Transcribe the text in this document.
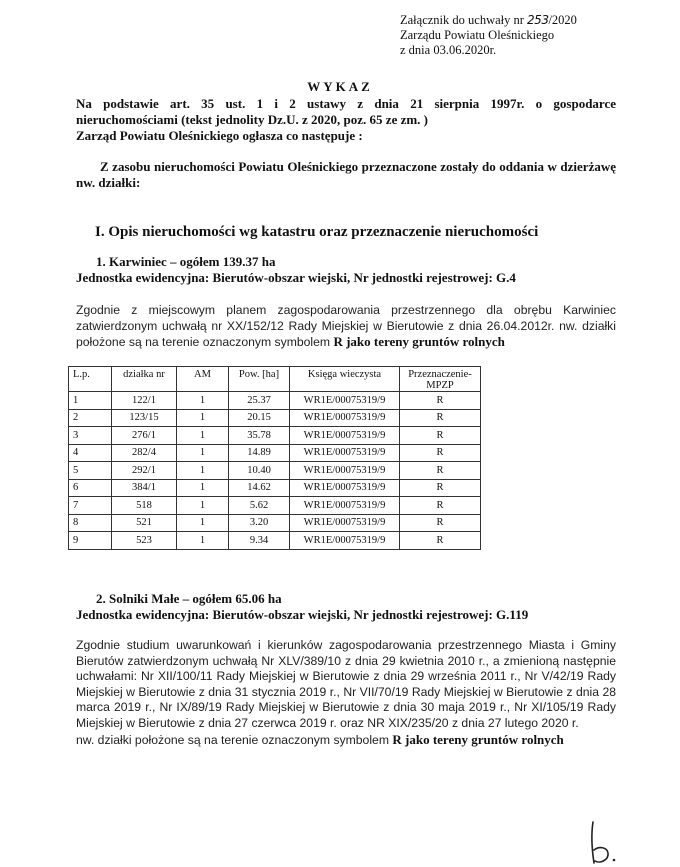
Załącznik do uchwały nr 253/2020
Zarządu Powiatu Oleśnickiego
z dnia 03.06.2020r.
WYKAZ
Na podstawie art. 35 ust. 1 i 2 ustawy z dnia 21 sierpnia 1997r. o gospodarce
nieruchomościami (tekst jednolity Dz.U. z 2020, poz. 65 ze zm. )
Zarząd Powiatu Oleśnickiego ogłasza co następuje :
Z zasobu nieruchomości Powiatu Oleśnickiego przeznaczone zostały do oddania w dzierżawę nw. działki:
I. Opis nieruchomości wg katastru oraz przeznaczenie nieruchomości
1. Karwiniec – ogółem 139.37 ha
Jednostka ewidencyjna: Bierutów-obszar wiejski, Nr jednostki rejestrowej: G.4
Zgodnie z miejscowym planem zagospodarowania przestrzennego dla obrębu Karwiniec zatwierdzonym uchwałą nr XX/152/12 Rady Miejskiej w Bierutowie z dnia 26.04.2012r. nw. działki położone są na terenie oznaczonym symbolem R jako tereny gruntów rolnych
L.p.	działka nr	AM	Pow. [ha]	Księga wieczysta	Przeznaczenie-MPZP
1	122/1	1	25.37	WR1E/00075319/9	R
2	123/15	1	20.15	WR1E/00075319/9	R
3	276/1	1	35.78	WR1E/00075319/9	R
4	282/4	1	14.89	WR1E/00075319/9	R
5	292/1	1	10.40	WR1E/00075319/9	R
6	384/1	1	14.62	WR1E/00075319/9	R
7	518	1	5.62	WR1E/00075319/9	R
8	521	1	3.20	WR1E/00075319/9	R
9	523	1	9.34	WR1E/00075319/9	R
2. Solniki Małe – ogółem 65.06 ha
Jednostka ewidencyjna: Bierutów-obszar wiejski, Nr jednostki rejestrowej: G.119
Zgodnie studium uwarunkowań i kierunków zagospodarowania przestrzennego Miasta i Gminy Bierutów zatwierdzonym uchwałą Nr XLV/389/10 z dnia 29 kwietnia 2010 r., a zmienioną następnie uchwałami: Nr XII/100/11 Rady Miejskiej w Bierutowie z dnia 29 września 2011 r., Nr V/42/19 Rady Miejskiej w Bierutowie z dnia 31 stycznia 2019 r., Nr VII/70/19 Rady Miejskiej w Bierutowie z dnia 28 marca 2019 r., Nr IX/89/19 Rady Miejskiej w Bierutowie z dnia 30 maja 2019 r., Nr XI/105/19 Rady Miejskiej w Bierutowie z dnia 27 czerwca 2019 r. oraz NR XIX/235/20 z dnia 27 lutego 2020 r.
nw. działki położone są na terenie oznaczonym symbolem R jako tereny gruntów rolnych
